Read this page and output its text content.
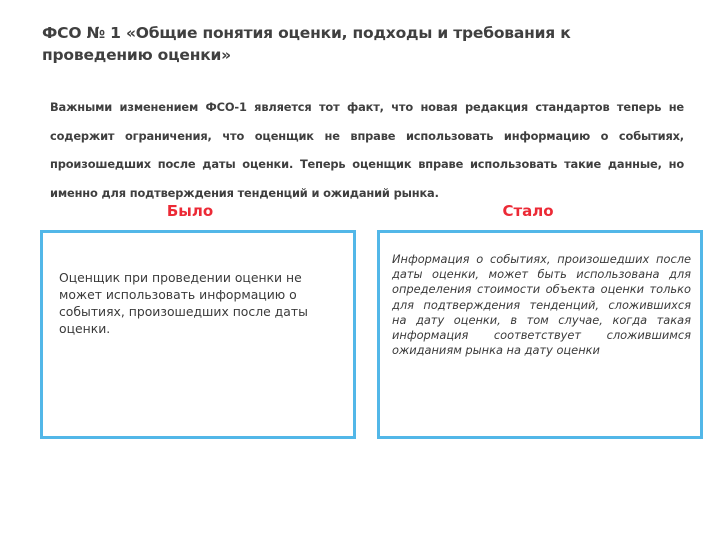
ФСО № 1 «Общие понятия оценки, подходы и требования к проведению оценки»
Важными изменением ФСО-1 является тот факт, что новая редакция стандартов теперь не содержит ограничения, что оценщик не вправе использовать информацию о событиях, произошедших после даты оценки. Теперь оценщик вправе использовать такие данные, но именно для подтверждения тенденций и ожиданий рынка.
Было	Стало
Оценщик при проведении оценки не может использовать информацию о событиях, произошедших после даты оценки.
Информация о событиях, произошедших после даты оценки, может быть использована для определения стоимости объекта оценки только для подтверждения тенденций, сложившихся на дату оценки, в том случае, когда такая информация соответствует сложившимся ожиданиям рынка на дату оценки
